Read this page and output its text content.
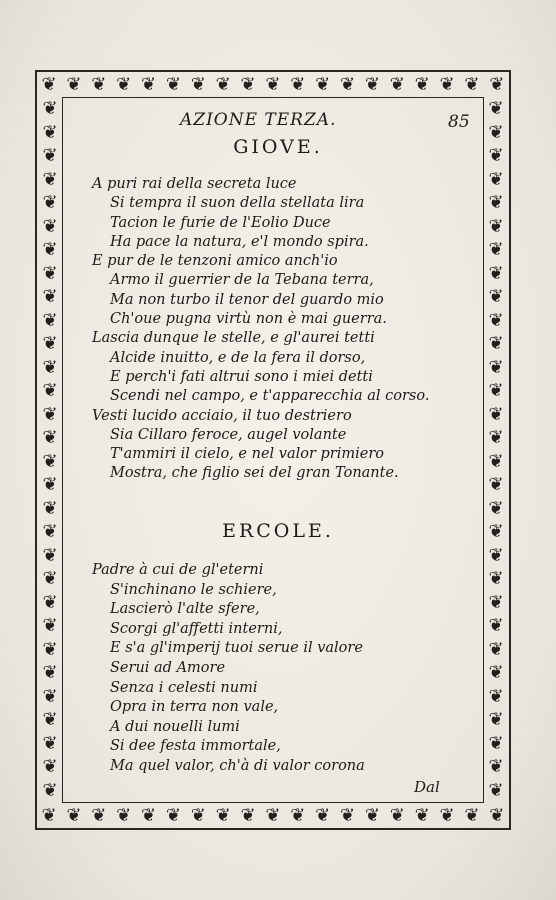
❦ ❦ ❦ ❦ ❦ ❦ ❦ ❦ ❦ ❦ ❦ ❦ ❦ ❦ ❦ ❦ ❦ ❦ ❦
❦ ❦ ❦ ❦ ❦ ❦ ❦ ❦ ❦ ❦ ❦ ❦ ❦ ❦ ❦ ❦ ❦ ❦ ❦
❦
❦
❦
❦
❦
❦
❦
❦
❦
❦
❦
❦
❦
❦
❦
❦
❦
❦
❦
❦
❦
❦
❦
❦
❦
❦
❦
❦
❦
❦
❦
❦
❦
❦
❦
❦
❦
❦
❦
❦
❦
❦
❦
❦
❦
❦
❦
❦
❦
❦
❦
❦
❦
❦
❦
❦
❦
❦
❦
❦
AZIONE TERZA.	85
GIOVE.
A puri rai della secreta luce
Si tempra il suon della stellata lira
Tacion le furie de l'Eolio Duce
Ha pace la natura, e'l mondo spira.
E pur de le tenzoni amico anch'io
Armo il guerrier de la Tebana terra,
Ma non turbo il tenor del guardo mio
Ch'oue pugna virtù non è mai guerra.
Lascia dunque le stelle, e gl'aurei tetti
Alcide inuitto, e de la fera il dorso,
E perch'i fati altrui sono i miei detti
Scendi nel campo, e t'apparecchia al corso.
Vesti lucido acciaio, il tuo destriero
Sia Cillaro feroce, augel volante
T'ammiri il cielo, e nel valor primiero
Mostra, che figlio sei del gran Tonante.
ERCOLE.
Padre à cui de gl'eterni
S'inchinano le schiere,
Lascierò l'alte sfere,
Scorgi gl'affetti interni,
E s'a gl'imperij tuoi serue il valore
Serui ad Amore
Senza i celesti numi
Opra in terra non vale,
A dui nouelli lumi
Si dee festa immortale,
Ma quel valor, ch'à di valor corona
Dal
